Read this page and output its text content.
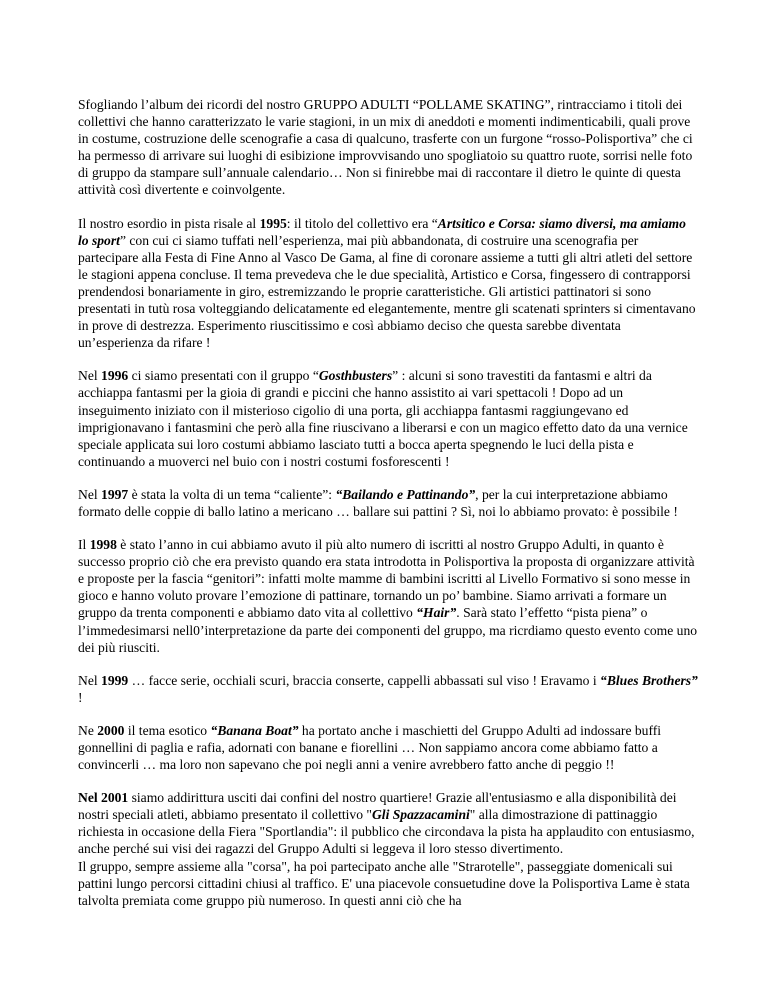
Sfogliando l’album dei ricordi del nostro GRUPPO ADULTI “POLLAME SKATING”, rintracciamo i titoli dei collettivi che hanno caratterizzato le varie stagioni, in un mix di aneddoti e momenti indimenticabili, quali prove in costume, costruzione delle scenografie a casa di qualcuno, trasferte con un furgone “rosso-Polisportiva” che ci ha permesso di arrivare sui luoghi di esibizione improvvisando uno spogliatoio su quattro ruote, sorrisi nelle foto di gruppo da stampare sull’annuale calendario… Non si finirebbe mai di raccontare il dietro le quinte di questa attività così divertente e coinvolgente.

Il nostro esordio in pista risale al 1995: il titolo del collettivo era “Artsitico e Corsa: siamo diversi, ma amiamo lo sport” con cui ci siamo tuffati nell’esperienza, mai più abbandonata, di costruire una scenografia per partecipare alla Festa di Fine Anno al Vasco De Gama, al fine di coronare assieme a tutti gli altri atleti del settore le stagioni appena concluse. Il tema prevedeva che le due specialità, Artistico e Corsa, fingessero di contrapporsi prendendosi bonariamente in giro, estremizzando le proprie caratteristiche. Gli artistici pattinatori si sono presentati in tutù rosa volteggiando delicatamente ed elegantemente, mentre gli scatenati sprinters si cimentavano in prove di destrezza. Esperimento riuscitissimo e così abbiamo deciso che questa sarebbe diventata un’esperienza da rifare !

Nel 1996 ci siamo presentati con il gruppo “Gosthbusters” : alcuni si sono travestiti da fantasmi e altri da acchiappa fantasmi per la gioia di grandi e piccini che hanno assistito ai vari spettacoli ! Dopo ad un inseguimento iniziato con il misterioso cigolio di una porta, gli acchiappa fantasmi raggiungevano ed imprigionavano i fantasmini che però alla fine riuscivano a liberarsi e con un magico effetto dato da una vernice speciale applicata sui loro costumi abbiamo lasciato tutti a bocca aperta spegnendo le luci della pista e continuando a muoverci nel buio con i nostri costumi fosforescenti !

Nel 1997 è stata la volta di un tema “caliente”: “Bailando e Pattinando”, per la cui interpretazione abbiamo formato delle coppie di ballo latino a mericano … ballare sui pattini ? Sì, noi lo abbiamo provato: è possibile !

Il 1998 è stato l’anno in cui abbiamo avuto il più alto numero di iscritti al nostro Gruppo Adulti, in quanto è successo proprio ciò che era previsto quando era stata introdotta in Polisportiva la proposta di organizzare attività e proposte per la fascia “genitori”: infatti molte mamme di bambini iscritti al Livello Formativo si sono messe in gioco e hanno voluto provare l’emozione di pattinare, tornando un po’ bambine. Siamo arrivati a formare un gruppo da trenta componenti e abbiamo dato vita al collettivo “Hair”. Sarà stato l’effetto “pista piena” o l’immedesimarsi nell0’interpretazione da parte dei componenti del gruppo, ma ricrdiamo questo evento come uno dei più riusciti.

Nel 1999 … facce serie, occhiali scuri, braccia conserte, cappelli abbassati sul viso ! Eravamo i “Blues Brothers” !

Ne 2000 il tema esotico “Banana Boat” ha portato anche i maschietti del Gruppo Adulti ad indossare buffi gonnellini di paglia e rafia, adornati con banane e fiorellini … Non sappiamo ancora come abbiamo fatto a convincerli … ma loro non sapevano che poi negli anni a venire avrebbero fatto anche di peggio !!

Nel 2001 siamo addirittura usciti dai confini del nostro quartiere! Grazie all'entusiasmo e alla disponibilità dei nostri speciali atleti, abbiamo presentato il collettivo "Gli Spazzacamini" alla dimostrazione di pattinaggio richiesta in occasione della Fiera "Sportlandia": il pubblico che circondava la pista ha applaudito con entusiasmo, anche perché sui visi dei ragazzi del Gruppo Adulti si leggeva il loro stesso divertimento.

Il gruppo, sempre assieme alla "corsa", ha poi partecipato anche alle "Strarotelle", passeggiate domenicali sui pattini lungo percorsi cittadini chiusi al traffico. E' una piacevole consuetudine dove la Polisportiva Lame è stata talvolta premiata come gruppo più numeroso. In questi anni ciò che ha
